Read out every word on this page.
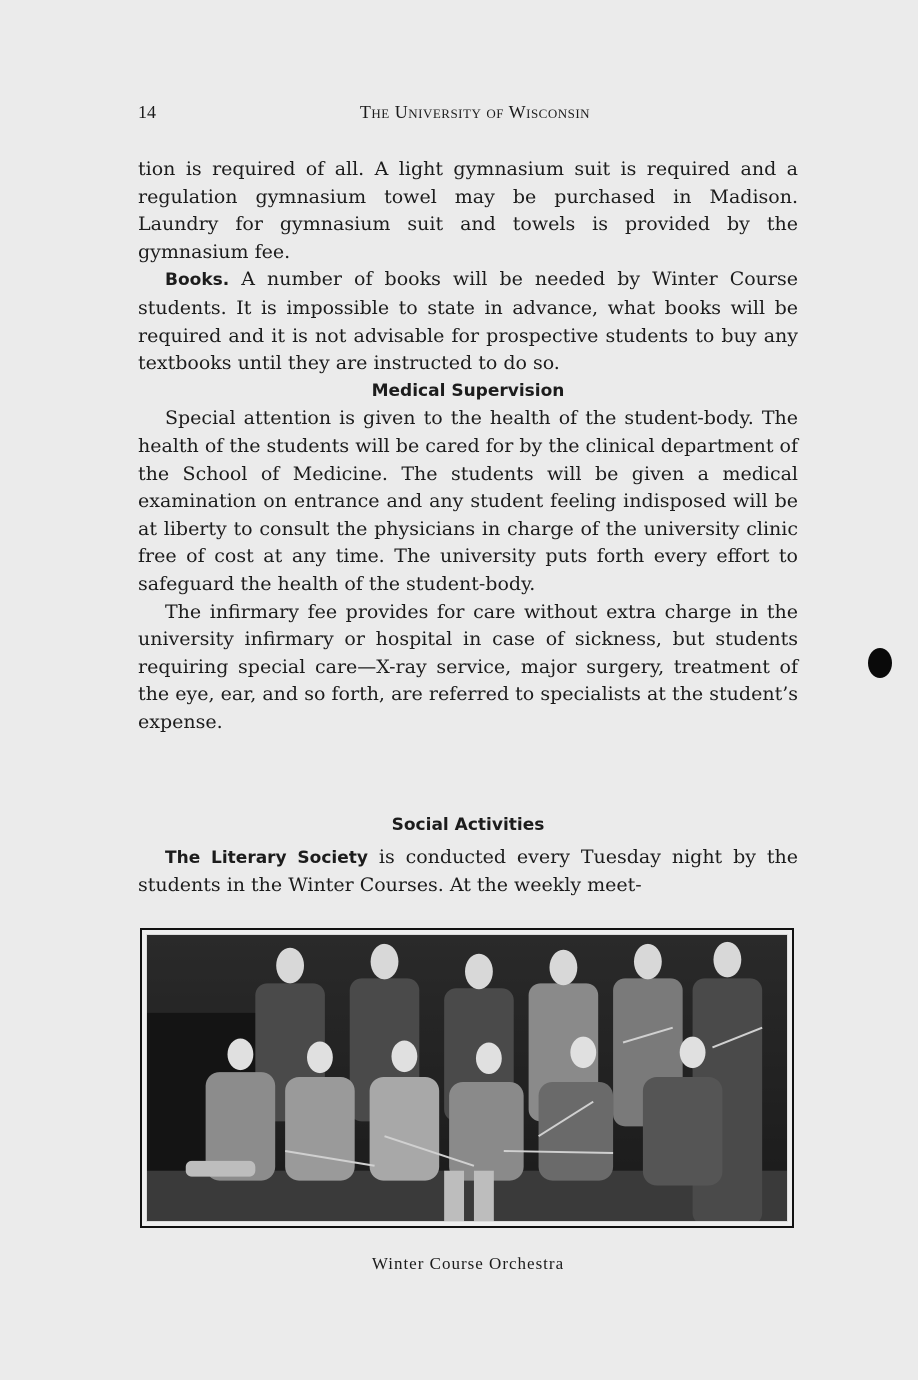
14	The University of Wisconsin

tion is required of all. A light gymnasium suit is required and a regulation gymnasium towel may be purchased in Madison. Laundry for gymnasium suit and towels is provided by the gymnasium fee.

Books. A number of books will be needed by Winter Course students. It is impossible to state in advance, what books will be required and it is not advisable for prospective students to buy any textbooks until they are instructed to do so.

Medical Supervision

Special attention is given to the health of the student-body. The health of the students will be cared for by the clinical department of the School of Medicine. The students will be given a medical examination on entrance and any student feeling indisposed will be at liberty to consult the physicians in charge of the university clinic free of cost at any time. The university puts forth every effort to safeguard the health of the student-body.

The infirmary fee provides for care without extra charge in the university infirmary or hospital in case of sickness, but students requiring special care—X-ray service, major surgery, treatment of the eye, ear, and so forth, are referred to specialists at the student’s expense.

Social Activities

The Literary Society is conducted every Tuesday night by the students in the Winter Courses. At the weekly meet-

Winter Course Orchestra
